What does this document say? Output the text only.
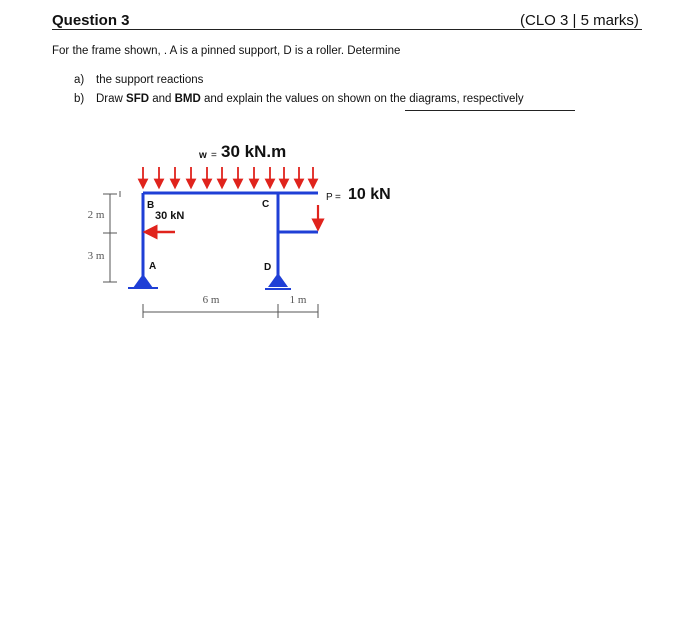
Question 3	(CLO 3 | 5 marks)
For the frame shown, . A is a pinned support, D is a roller. Determine
a) the support reactions
b) Draw SFD and BMD and explain the values on shown on the diagrams, respectively
2 m
3 m
6 m	1 m
w = 30 kN.m
30 kN
P = 10 kN
B	C
A	D
